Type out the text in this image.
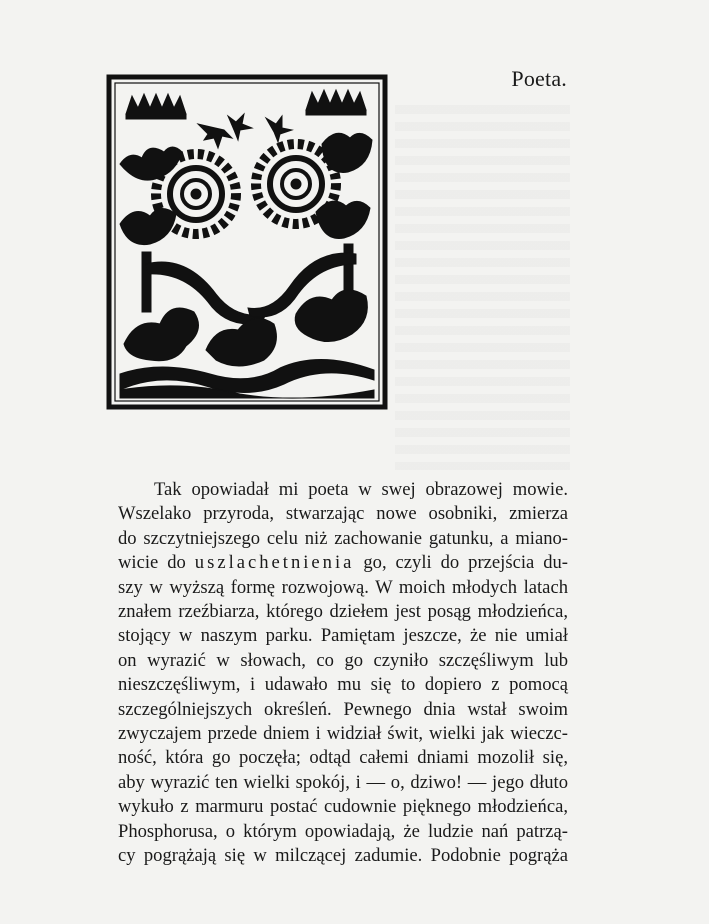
Poeta.
Tak opowiadał mi poeta w swej obrazowej mowie.
Wszelako przyroda, stwarzając nowe osobniki, zmierza
do szczytniejszego celu niż zachowanie gatunku, a miano-
wicie do uszlachetnienia go, czyli do przejścia du-
szy w wyższą formę rozwojową. W moich młodych latach
znałem rzeźbiarza, którego dziełem jest posąg młodzieńca,
stojący w naszym parku. Pamiętam jeszcze, że nie umiał
on wyrazić w słowach, co go czyniło szczęśliwym lub
nieszczęśliwym, i udawało mu się to dopiero z pomocą
szczególniejszych określeń. Pewnego dnia wstał swoim
zwyczajem przede dniem i widział świt, wielki jak wieczc-
ność, która go poczęła; odtąd całemi dniami mozolił się,
aby wyrazić ten wielki spokój, i — o, dziwo! — jego dłuto
wykuło z marmuru postać cudownie pięknego młodzieńca,
Phosphorusa, o którym opowiadają, że ludzie nań patrzą-
cy pogrążają się w milczącej zadumie. Podobnie pogrąża
